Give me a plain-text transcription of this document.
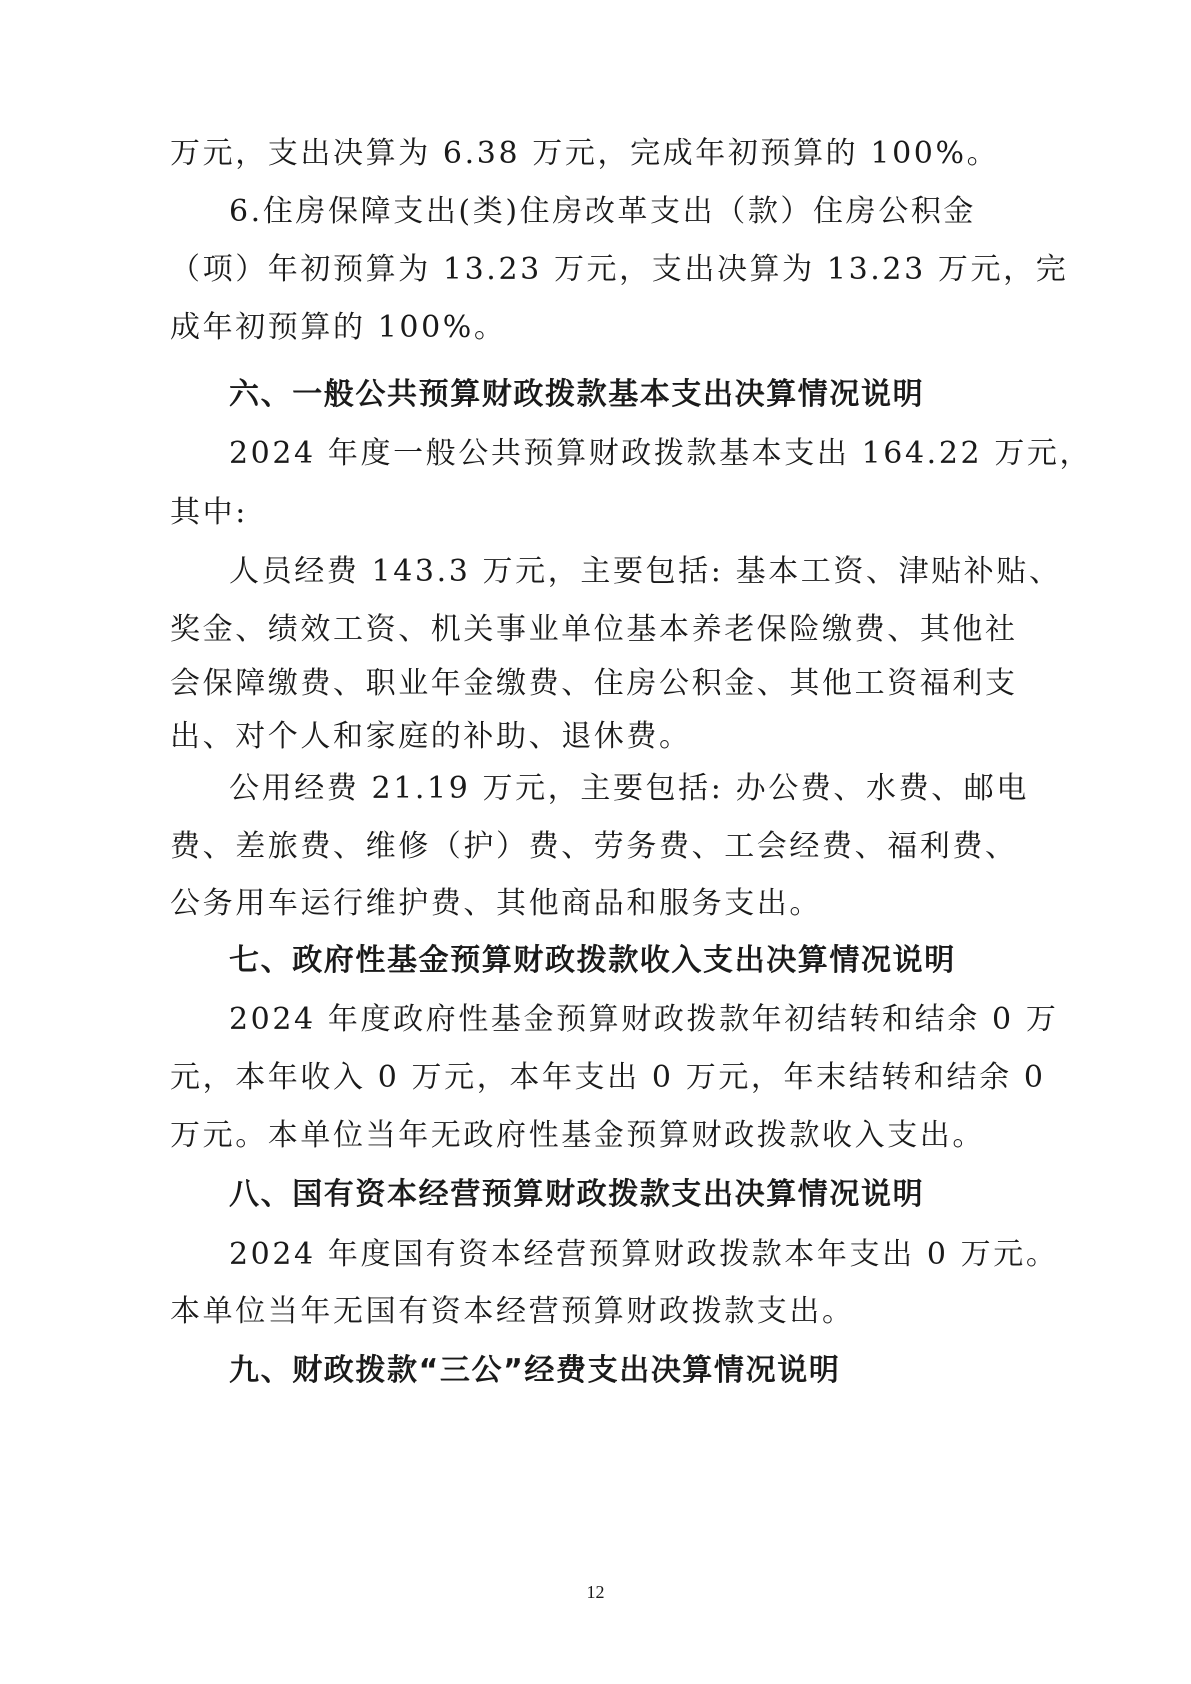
万元，支出决算为 6.38 万元，完成年初预算的 100%。
6.住房保障支出(类)住房改革支出（款）住房公积金
（项）年初预算为 13.23 万元，支出决算为 13.23 万元，完
成年初预算的 100%。
六、一般公共预算财政拨款基本支出决算情况说明
2024 年度一般公共预算财政拨款基本支出 164.22 万元，
其中:
人员经费 143.3 万元，主要包括: 基本工资、津贴补贴、
奖金、绩效工资、机关事业单位基本养老保险缴费、其他社
会保障缴费、职业年金缴费、住房公积金、其他工资福利支
出、对个人和家庭的补助、退休费。
公用经费 21.19 万元，主要包括: 办公费、水费、邮电
费、差旅费、维修（护）费、劳务费、工会经费、福利费、
公务用车运行维护费、其他商品和服务支出。
七、政府性基金预算财政拨款收入支出决算情况说明
2024 年度政府性基金预算财政拨款年初结转和结余 0 万
元，本年收入 0 万元，本年支出 0 万元，年末结转和结余 0
万元。本单位当年无政府性基金预算财政拨款收入支出。
八、国有资本经营预算财政拨款支出决算情况说明
2024 年度国有资本经营预算财政拨款本年支出 0 万元。
本单位当年无国有资本经营预算财政拨款支出。
九、财政拨款“三公”经费支出决算情况说明
12
